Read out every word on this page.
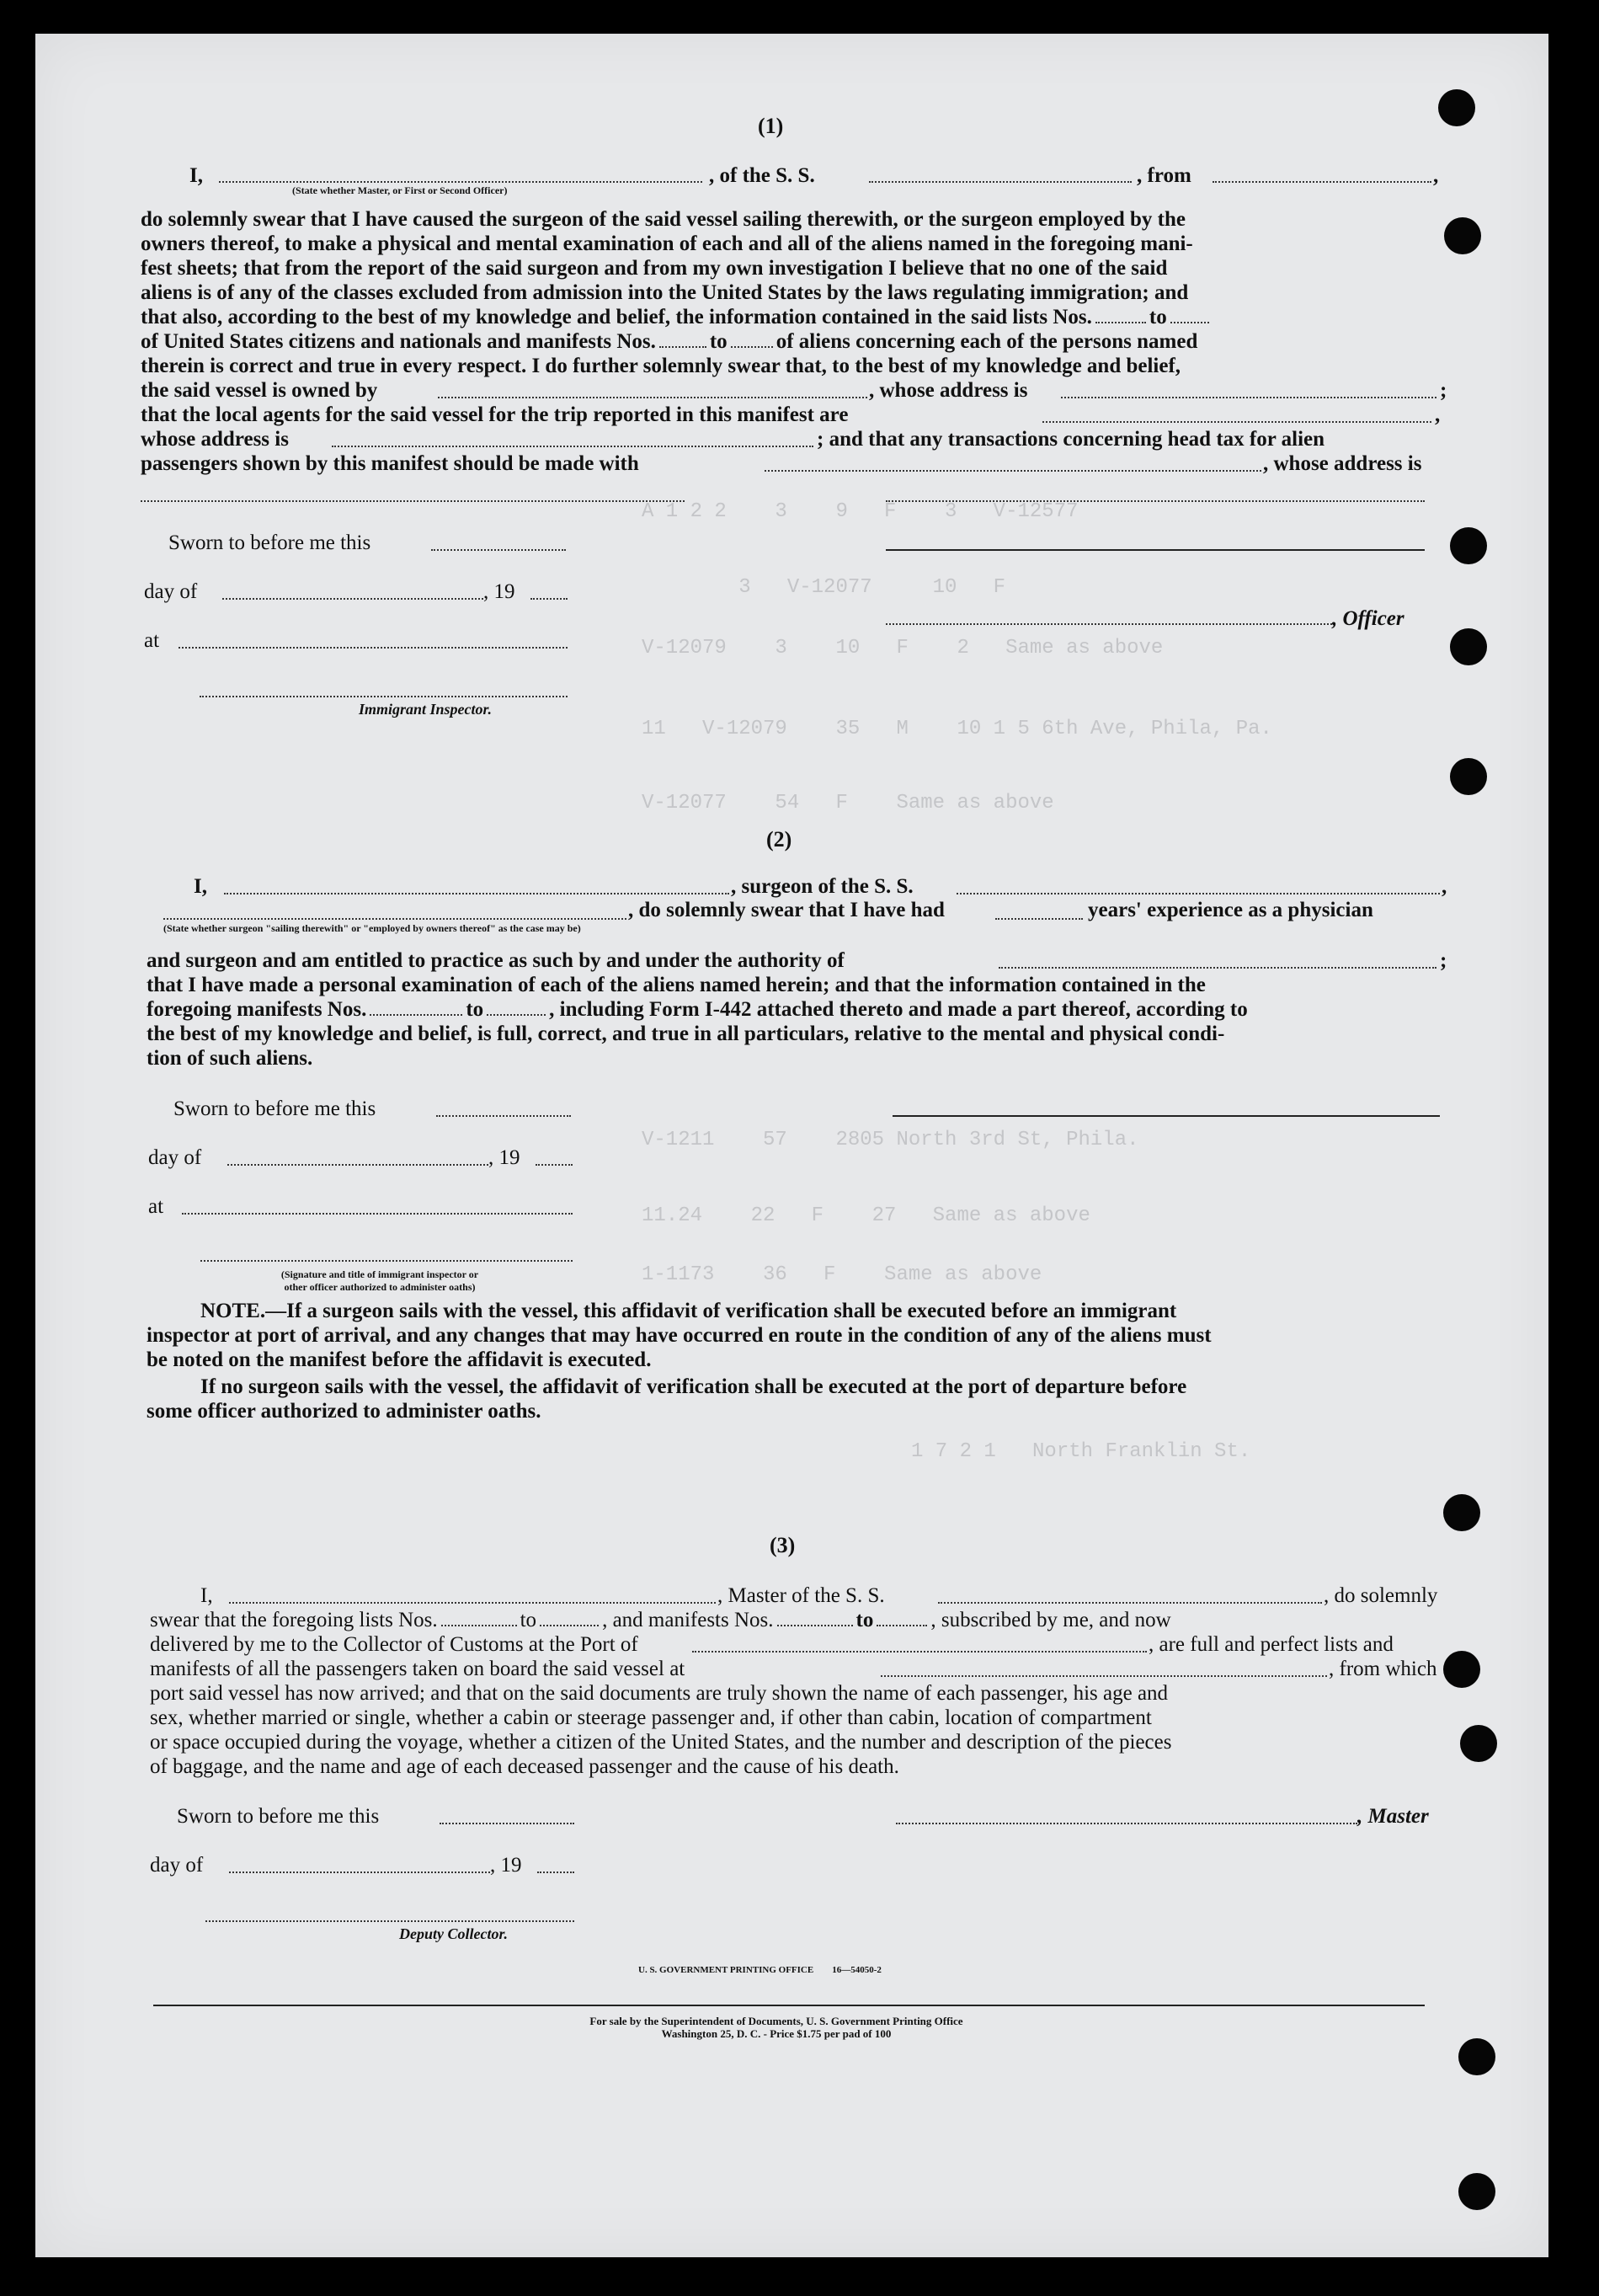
A 1 2 2    3    9   F    3   V-12577
3   V-12077     10   F
V-12079    3    10   F    2   Same as above
11   V-12079    35   M    10 1 5 6th Ave, Phila, Pa.
V-12077    54   F    Same as above
V-1211    57    2805 North 3rd St, Phila.
11.24    22   F    27   Same as above
1-1173    36   F    Same as above
1 7 2 1   North Franklin St.
(1)
I,
(State whether Master, or First or Second Officer)
, of the S. S.	, from	,
do solemnly swear that I have caused the surgeon of the said vessel sailing therewith, or the surgeon employed by the
owners thereof, to make a physical and mental examination of each and all of the aliens named in the foregoing mani-
fest sheets; that from the report of the said surgeon and from my own investigation I believe that no one of the said
aliens is of any of the classes excluded from admission into the United States by the laws regulating immigration; and
that also, according to the best of my knowledge and belief, the information contained in the said lists Nos.	to
of United States citizens and nationals and manifests Nos.	to of aliens concerning each of the persons named
therein is correct and true in every respect. I do further solemnly swear that, to the best of my knowledge and belief,
the said vessel is owned by	, whose address is	;
that the local agents for the said vessel for the trip reported in this manifest are	,
whose address is	; and that any transactions concerning head tax for alien
passengers shown by this manifest should be made with	, whose address is
Sworn to before me this
day of	, 19
, Officer
at
Immigrant Inspector.
(2)
I,	, surgeon of the S. S.	,
, do solemnly swear that I have had	years' experience as a physician
(State whether surgeon "sailing therewith" or "employed by owners thereof" as the case may be)
and surgeon and am entitled to practice as such by and under the authority of	;
that I have made a personal examination of each of the aliens named herein; and that the information contained in the
foregoing manifests Nos.	to	, including Form I-442 attached thereto and made a part thereof, according to
the best of my knowledge and belief, is full, correct, and true in all particulars, relative to the mental and physical condi-
tion of such aliens.
Sworn to before me this
day of	, 19
at
(Signature and title of immigrant inspector or
other officer authorized to administer oaths)
NOTE.—If a surgeon sails with the vessel, this affidavit of verification shall be executed before an immigrant
inspector at port of arrival, and any changes that may have occurred en route in the condition of any of the aliens must
be noted on the manifest before the affidavit is executed.
If no surgeon sails with the vessel, the affidavit of verification shall be executed at the port of departure before
some officer authorized to administer oaths.
(3)
I,	, Master of the S. S.	, do solemnly
swear that the foregoing lists Nos.	to	, and manifests Nos.	to	, subscribed by me, and now
delivered by me to the Collector of Customs at the Port of	, are full and perfect lists and
manifests of all the passengers taken on board the said vessel at	, from which
port said vessel has now arrived; and that on the said documents are truly shown the name of each passenger, his age and
sex, whether married or single, whether a cabin or steerage passenger and, if other than cabin, location of compartment
or space occupied during the voyage, whether a citizen of the United States, and the number and description of the pieces
of baggage, and the name and age of each deceased passenger and the cause of his death.
Sworn to before me this	, Master
day of	, 19
Deputy Collector.
U. S. GOVERNMENT PRINTING OFFICE        16—54050-2
For sale by the Superintendent of Documents, U. S. Government Printing Office
Washington 25, D. C. - Price $1.75 per pad of 100
